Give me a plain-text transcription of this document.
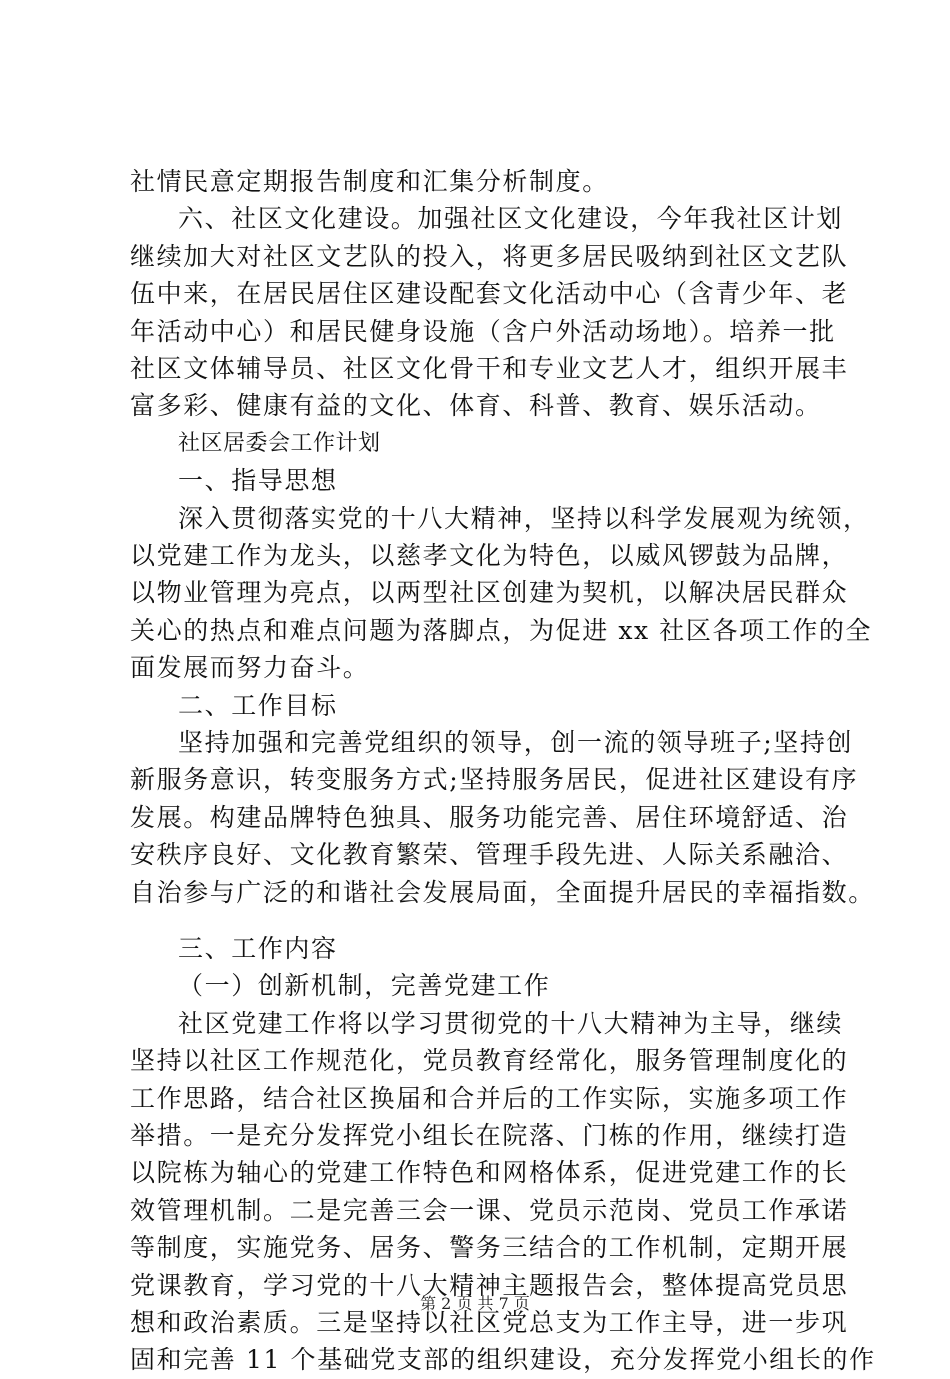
社情民意定期报告制度和汇集分析制度。
六、社区文化建设。加强社区文化建设，今年我社区计划
继续加大对社区文艺队的投入，将更多居民吸纳到社区文艺队
伍中来，在居民居住区建设配套文化活动中心（含青少年、老
年活动中心）和居民健身设施（含户外活动场地）。培养一批
社区文体辅导员、社区文化骨干和专业文艺人才，组织开展丰
富多彩、健康有益的文化、体育、科普、教育、娱乐活动。
社区居委会工作计划
一、指导思想
深入贯彻落实党的十八大精神，坚持以科学发展观为统领，
以党建工作为龙头，以慈孝文化为特色，以威风锣鼓为品牌，
以物业管理为亮点，以两型社区创建为契机，以解决居民群众
关心的热点和难点问题为落脚点，为促进 xx 社区各项工作的全
面发展而努力奋斗。
二、工作目标
坚持加强和完善党组织的领导，创一流的领导班子;坚持创
新服务意识，转变服务方式;坚持服务居民，促进社区建设有序
发展。构建品牌特色独具、服务功能完善、居住环境舒适、治
安秩序良好、文化教育繁荣、管理手段先进、人际关系融洽、
自治参与广泛的和谐社会发展局面，全面提升居民的幸福指数。
三、工作内容
（一）创新机制，完善党建工作
社区党建工作将以学习贯彻党的十八大精神为主导，继续
坚持以社区工作规范化，党员教育经常化，服务管理制度化的
工作思路，结合社区换届和合并后的工作实际，实施多项工作
举措。一是充分发挥党小组长在院落、门栋的作用，继续打造
以院栋为轴心的党建工作特色和网格体系，促进党建工作的长
效管理机制。二是完善三会一课、党员示范岗、党员工作承诺
等制度，实施党务、居务、警务三结合的工作机制，定期开展
党课教育，学习党的十八大精神主题报告会，整体提高党员思
想和政治素质。三是坚持以社区党总支为工作主导，进一步巩
固和完善 11 个基础党支部的组织建设，充分发挥党小组长的作
第 2 页 共 7 页
